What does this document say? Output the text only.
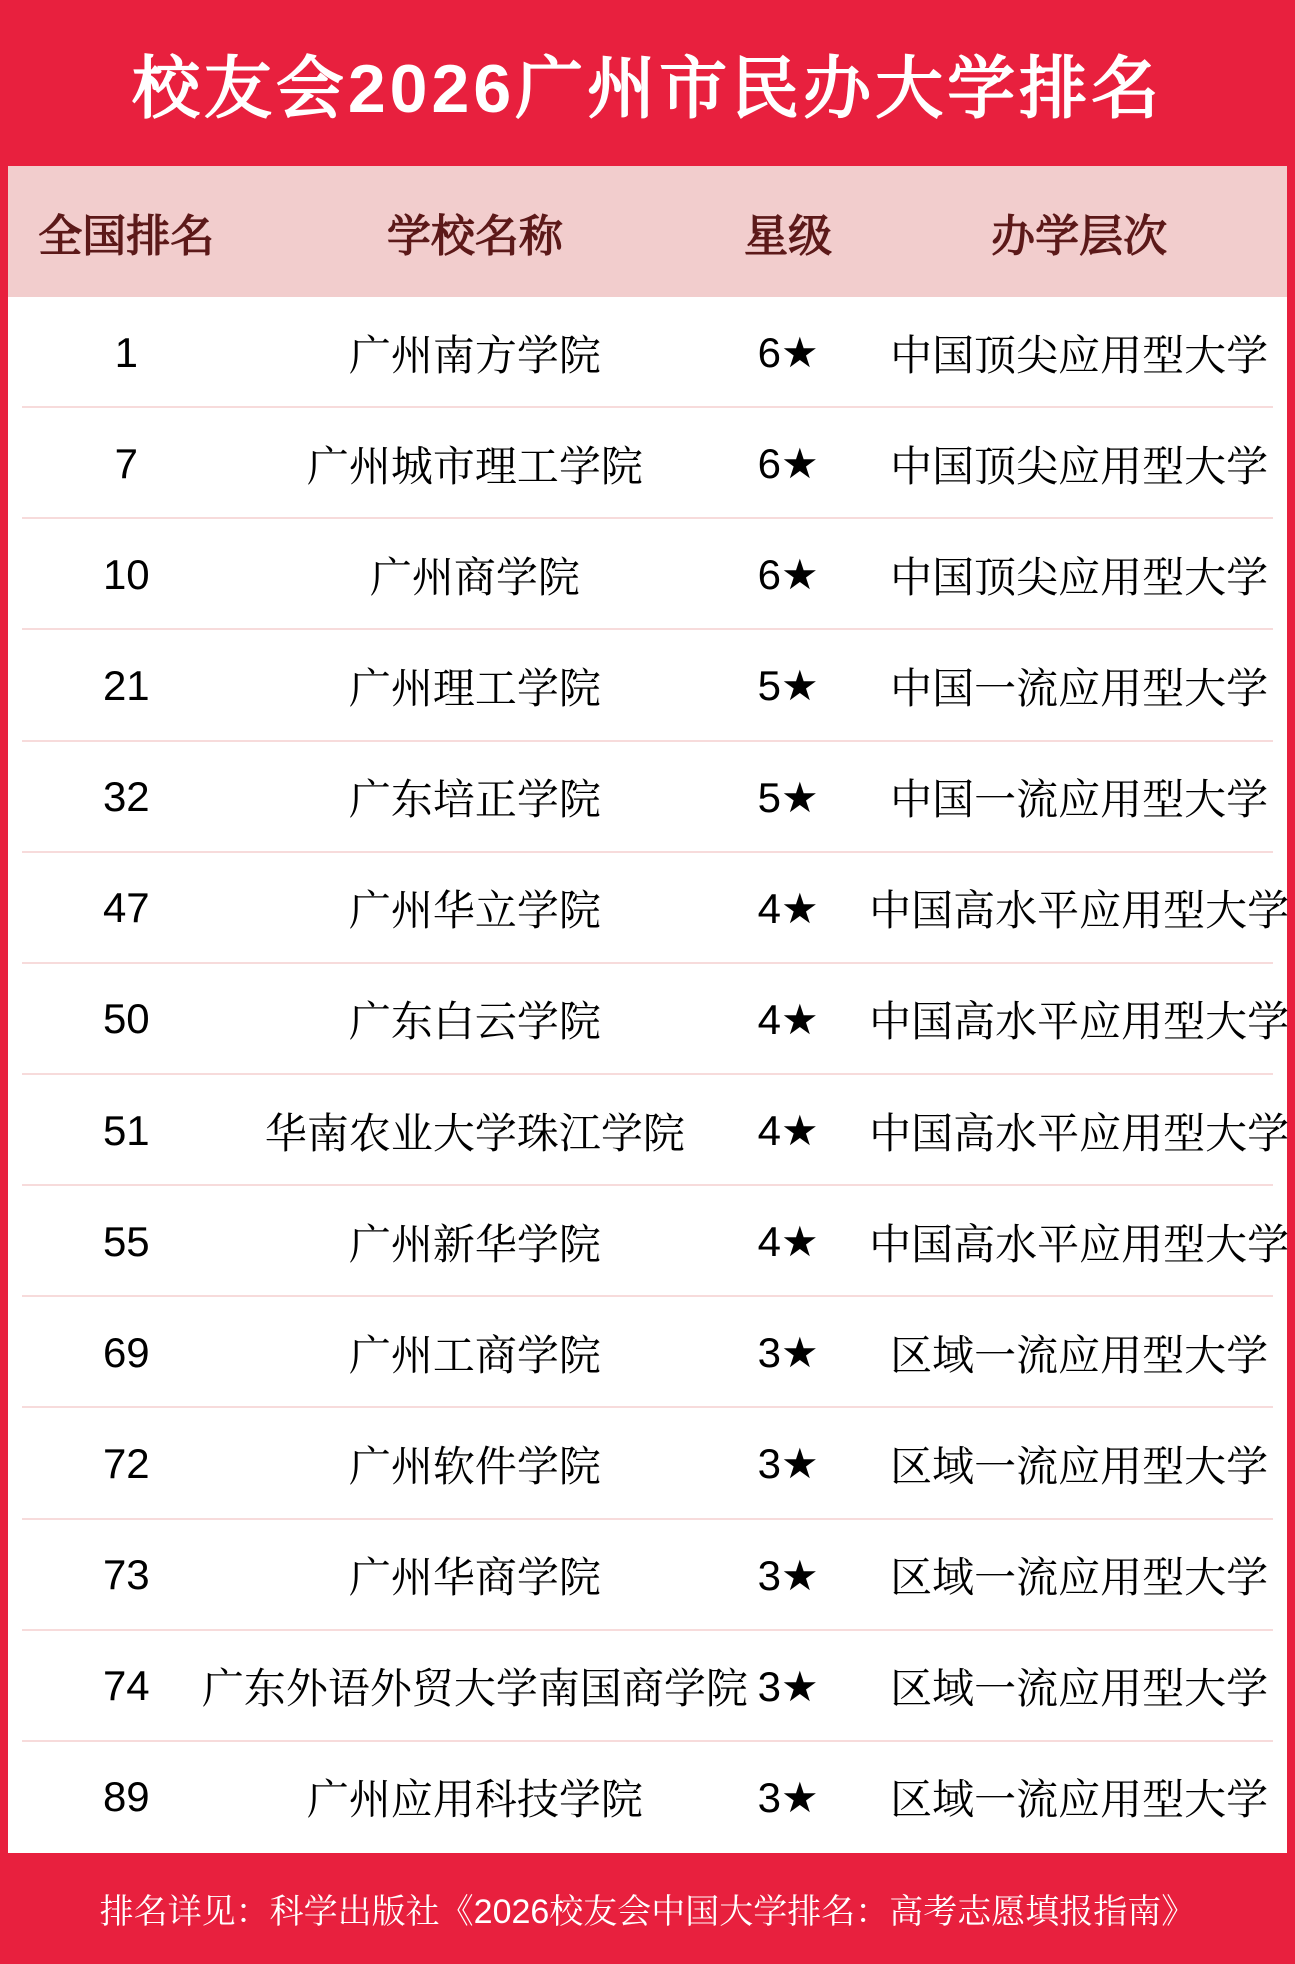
校友会2026广州市民办大学排名
全国排名	学校名称	星级	办学层次
1	广州南方学院	6★	中国顶尖应用型大学
7	广州城市理工学院	6★	中国顶尖应用型大学
10	广州商学院	6★	中国顶尖应用型大学
21	广州理工学院	5★	中国一流应用型大学
32	广东培正学院	5★	中国一流应用型大学
47	广州华立学院	4★	中国高水平应用型大学
50	广东白云学院	4★	中国高水平应用型大学
51	华南农业大学珠江学院	4★	中国高水平应用型大学
55	广州新华学院	4★	中国高水平应用型大学
69	广州工商学院	3★	区域一流应用型大学
72	广州软件学院	3★	区域一流应用型大学
73	广州华商学院	3★	区域一流应用型大学
74	广东外语外贸大学南国商学院 3★	区域一流应用型大学
89	广州应用科技学院	3★	区域一流应用型大学
排名详见：科学出版社《2026校友会中国大学排名：高考志愿填报指南》
